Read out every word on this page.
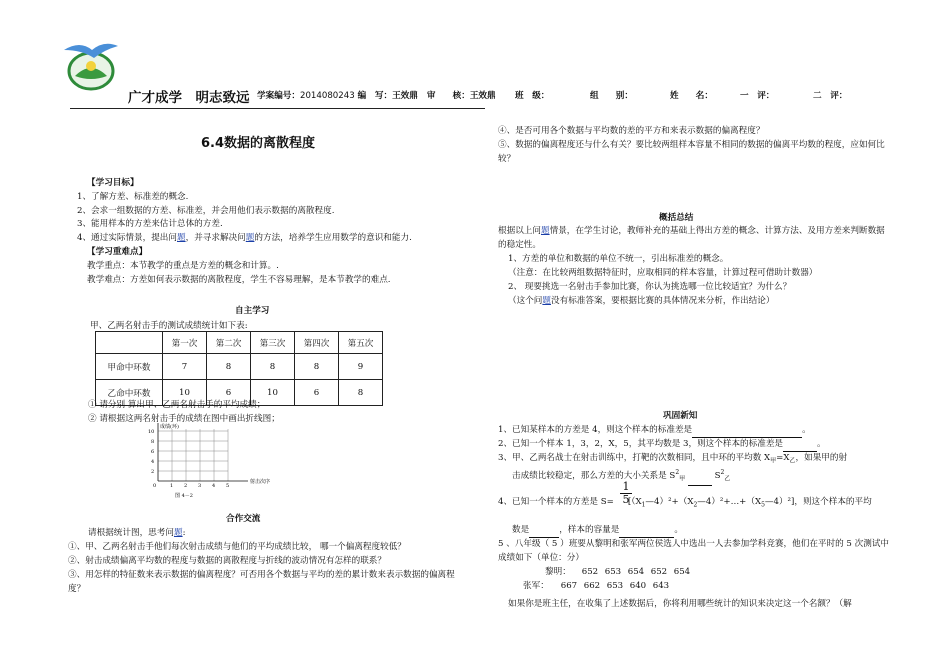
广才成学　明志致远 学案编号：2014080243 编　写：王效鼎 审　　核：王效鼎 班　级：	组　　别：	姓　　名：	一　评：	二　评：
6.4数据的离散程度
【学习目标】
1、了解方差、标准差的概念.
2、会求一组数据的方差、标准差，并会用他们表示数据的离散程度.
3、能用样本的方差来估计总体的方差.
4、通过实际情景，提出问题，并寻求解决问题的方法，培养学生应用数学的意识和能力.
【学习重难点】
教学重点：本节教学的重点是方差的概念和计算。.
教学难点：方差如何表示数据的离散程度，学生不容易理解，是本节教学的难点.
自主学习
甲、乙两名射击手的测试成绩统计如下表:
	第一次	第二次	第三次	第四次	第五次
甲命中环数	7	8	8	8	9
乙命中环数	10	6	10	6	8
① 请分别 算出甲、乙两名射击手的平均成绩；
② 请根据这两名射击手的成绩在图中画出折线图；
成绩(环)
射击次序
10
8
6
4
2
0	1 2 3 4 5
图 4－2
合作交流
请根据统计图，思考问题:
①、甲、乙两名射击手他们每次射击成绩与他们的平均成绩比较， 哪一个偏离程度较低？
②、射击成绩偏离平均数的程度与数据的离散程度与折线的波动情况有怎样的联系？
③、用怎样的特征数来表示数据的偏离程度？可否用各个数据与平均的差的累计数来表示数据的偏离程度？
④、是否可用各个数据与平均数的差的平方和来表示数据的偏离程度？
⑤、数据的偏离程度还与什么有关？要比较两组样本容量不相同的数据的偏离平均数的程度，应如何比较？
概括总结
根据以上问题情景，在学生讨论，教师补充的基础上得出方差的概念、计算方法、及用方差来判断数据的稳定性。
1、方差的单位和数据的单位不统一，引出标准差的概念。
（注意：在比较两组数据特征时，应取相同的样本容量，计算过程可借助计数器）
2、 现要挑选一名射击手参加比赛，你认为挑选哪一位比较适宜？为什么？
（这个问题没有标准答案，要根据比赛的具体情况来分析，作出结论）
巩固新知
1、已知某样本的方差是 4，则这个样本的标准差是	。
2、已知一个样本 1，3，2，X，5，其平均数是 3，则这个样本的标准差是	。
3、甲、乙两名战士在射击训练中，打靶的次数相同，且中环的平均数 $X_甲=X_乙$，如果甲的射
击成绩比较稳定，那么方差的大小关系是 $S^2_甲$	$S^2_乙$
$\frac{1}{5}$
4、已知一个样本的方差是 $S= [(X_1—4)^2+(X_2—4)^2+\dots+(X_5—4)^2]$，则这个样本的平均
数是	，样本的容量是	。
5 、八年级（ 5 ）班要从黎明和张军两位侯选人中选出一人去参加学科竞赛，他们在平时的 5 次测试中成绩如下（单位：分）
黎明： 652 653 654 652 654
张军： 667 662 653 640 643
如果你是班主任，在收集了上述数据后，你将利用哪些统计的知识来决定这一个名额？（解
